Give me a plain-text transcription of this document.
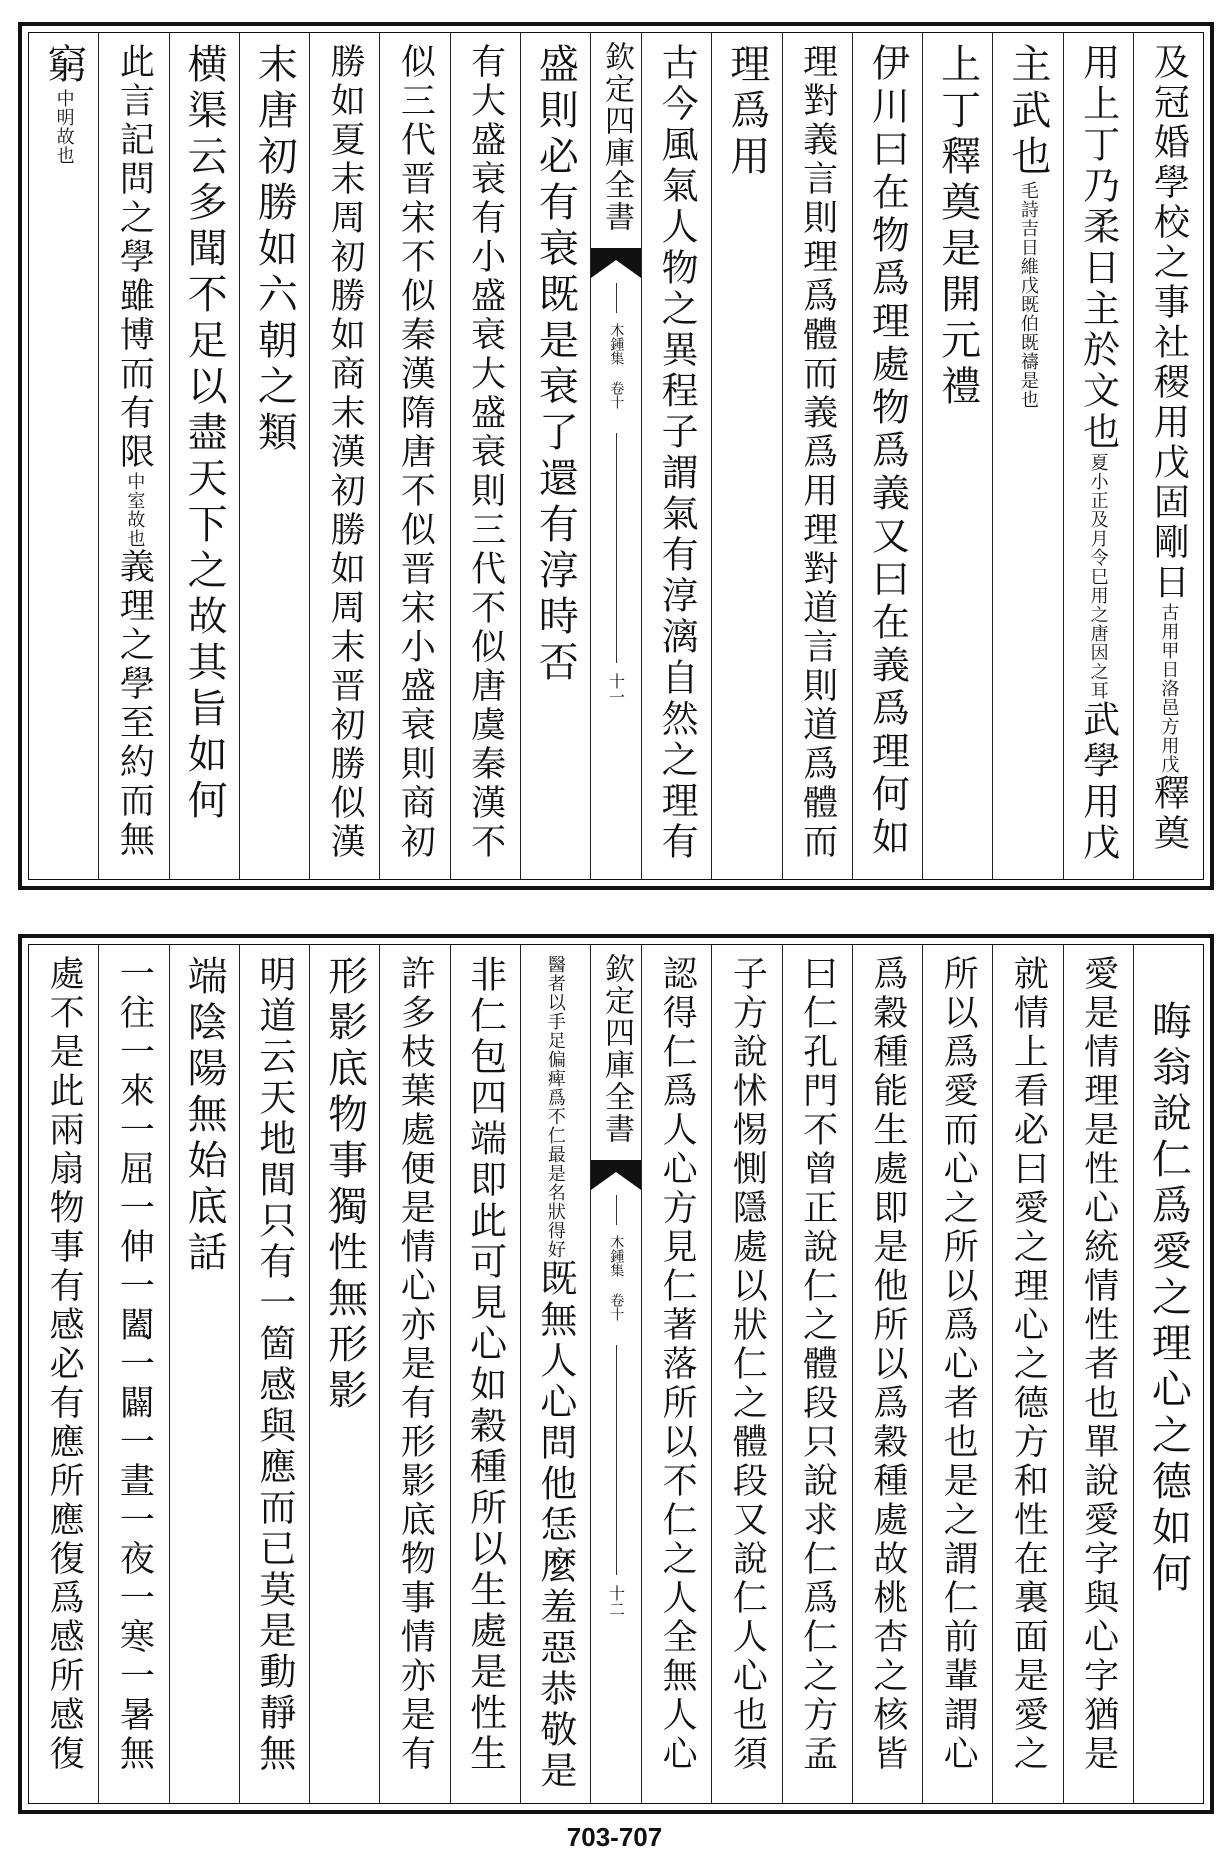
及冠婚學校之事社稷用戊固剛日古用甲日洛邑方用戊釋奠
用上丁乃柔日主於文也夏小正及月令巳用之唐因之耳武學用戊
主武也毛詩吉日維戊既伯既禱是也
上丁釋奠是開元禮
伊川曰在物爲理處物爲義又曰在義爲理何如
理對義言則理爲體而義爲用理對道言則道爲體而
理爲用
古今風氣人物之異程子謂氣有淳漓自然之理有
欽定四庫全書
木鍾集 卷十
十一
盛則必有衰既是衰了還有淳時否
有大盛衰有小盛衰大盛衰則三代不似唐虞秦漢不
似三代晋宋不似秦漢隋唐不似晋宋小盛衰則商初
勝如夏末周初勝如商末漢初勝如周末晋初勝似漢
末唐初勝如六朝之類
横渠云多聞不足以盡天下之故其旨如何
此言記問之學雖博而有限中室故也義理之學至約而無
窮中明故也
晦翁說仁爲愛之理心之德如何
愛是情理是性心統情性者也單說愛字與心字猶是
就情上看必曰愛之理心之德方和性在裏面是愛之
所以爲愛而心之所以爲心者也是之謂仁前輩謂心
爲穀種能生處即是他所以爲穀種處故桃杏之核皆
曰仁孔門不曾正說仁之體段只說求仁爲仁之方孟
子方說怵惕惻隱處以狀仁之體段又說仁人心也須
認得仁爲人心方見仁著落所以不仁之人全無人心
欽定四庫全書
木鍾集 卷十
十二
醫者以手足偏痺爲不仁最是名狀得好既無人心問他恁麼羞惡恭敬是
非仁包四端即此可見心如穀種所以生處是性生
許多枝葉處便是情心亦是有形影底物事情亦是有
形影底物事獨性無形影
明道云天地間只有一箇感與應而已莫是動靜無
端陰陽無始底話
一往一來一屈一伸一闔一闢一晝一夜一寒一暑無
處不是此兩扇物事有感必有應所應復爲感所感復
703-707
